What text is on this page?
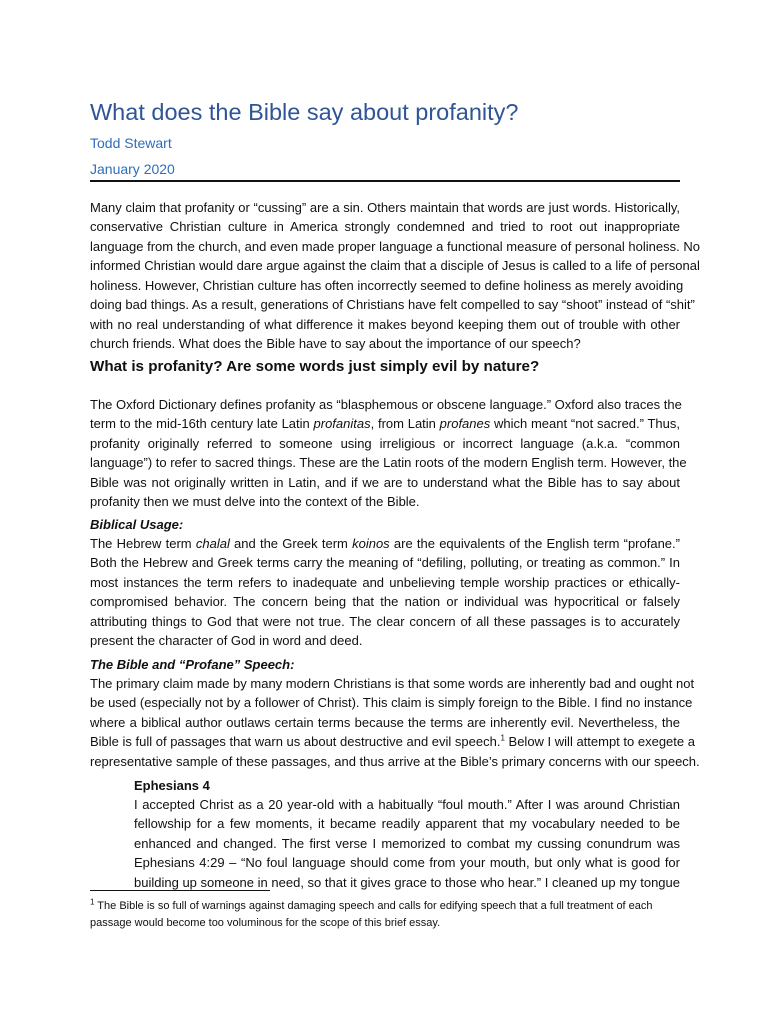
What does the Bible say about profanity?
Todd Stewart
January 2020
Many claim that profanity or “cussing” are a sin. Others maintain that words are just words. Historically,
conservative Christian culture in America strongly condemned and tried to root out inappropriate
language from the church, and even made proper language a functional measure of personal holiness. No
informed Christian would dare argue against the claim that a disciple of Jesus is called to a life of personal
holiness. However, Christian culture has often incorrectly seemed to define holiness as merely avoiding
doing bad things. As a result, generations of Christians have felt compelled to say “shoot” instead of “shit”
with no real understanding of what difference it makes beyond keeping them out of trouble with other
church friends. What does the Bible have to say about the importance of our speech?
What is profanity? Are some words just simply evil by nature?
The Oxford Dictionary defines profanity as “blasphemous or obscene language.” Oxford also traces the
term to the mid-16th century late Latin profanitas, from Latin profanes which meant “not sacred.” Thus,
profanity originally referred to someone using irreligious or incorrect language (a.k.a. “common
language”) to refer to sacred things. These are the Latin roots of the modern English term. However, the
Bible was not originally written in Latin, and if we are to understand what the Bible has to say about
profanity then we must delve into the context of the Bible.
Biblical Usage:
The Hebrew term chalal and the Greek term koinos are the equivalents of the English term “profane.”
Both the Hebrew and Greek terms carry the meaning of “defiling, polluting, or treating as common.” In
most instances the term refers to inadequate and unbelieving temple worship practices or ethically-
compromised behavior. The concern being that the nation or individual was hypocritical or falsely
attributing things to God that were not true. The clear concern of all these passages is to accurately
present the character of God in word and deed.
The Bible and “Profane” Speech:
The primary claim made by many modern Christians is that some words are inherently bad and ought not
be used (especially not by a follower of Christ). This claim is simply foreign to the Bible. I find no instance
where a biblical author outlaws certain terms because the terms are inherently evil. Nevertheless, the
Bible is full of passages that warn us about destructive and evil speech.$^1$ Below I will attempt to exegete a
representative sample of these passages, and thus arrive at the Bible’s primary concerns with our speech.
Ephesians 4
I accepted Christ as a 20 year-old with a habitually “foul mouth.” After I was around Christian
fellowship for a few moments, it became readily apparent that my vocabulary needed to be
enhanced and changed. The first verse I memorized to combat my cussing conundrum was
Ephesians 4:29 – “No foul language should come from your mouth, but only what is good for
building up someone in need, so that it gives grace to those who hear.” I cleaned up my tongue
$^1$ The Bible is so full of warnings against damaging speech and calls for edifying speech that a full treatment of each
passage would become too voluminous for the scope of this brief essay.
